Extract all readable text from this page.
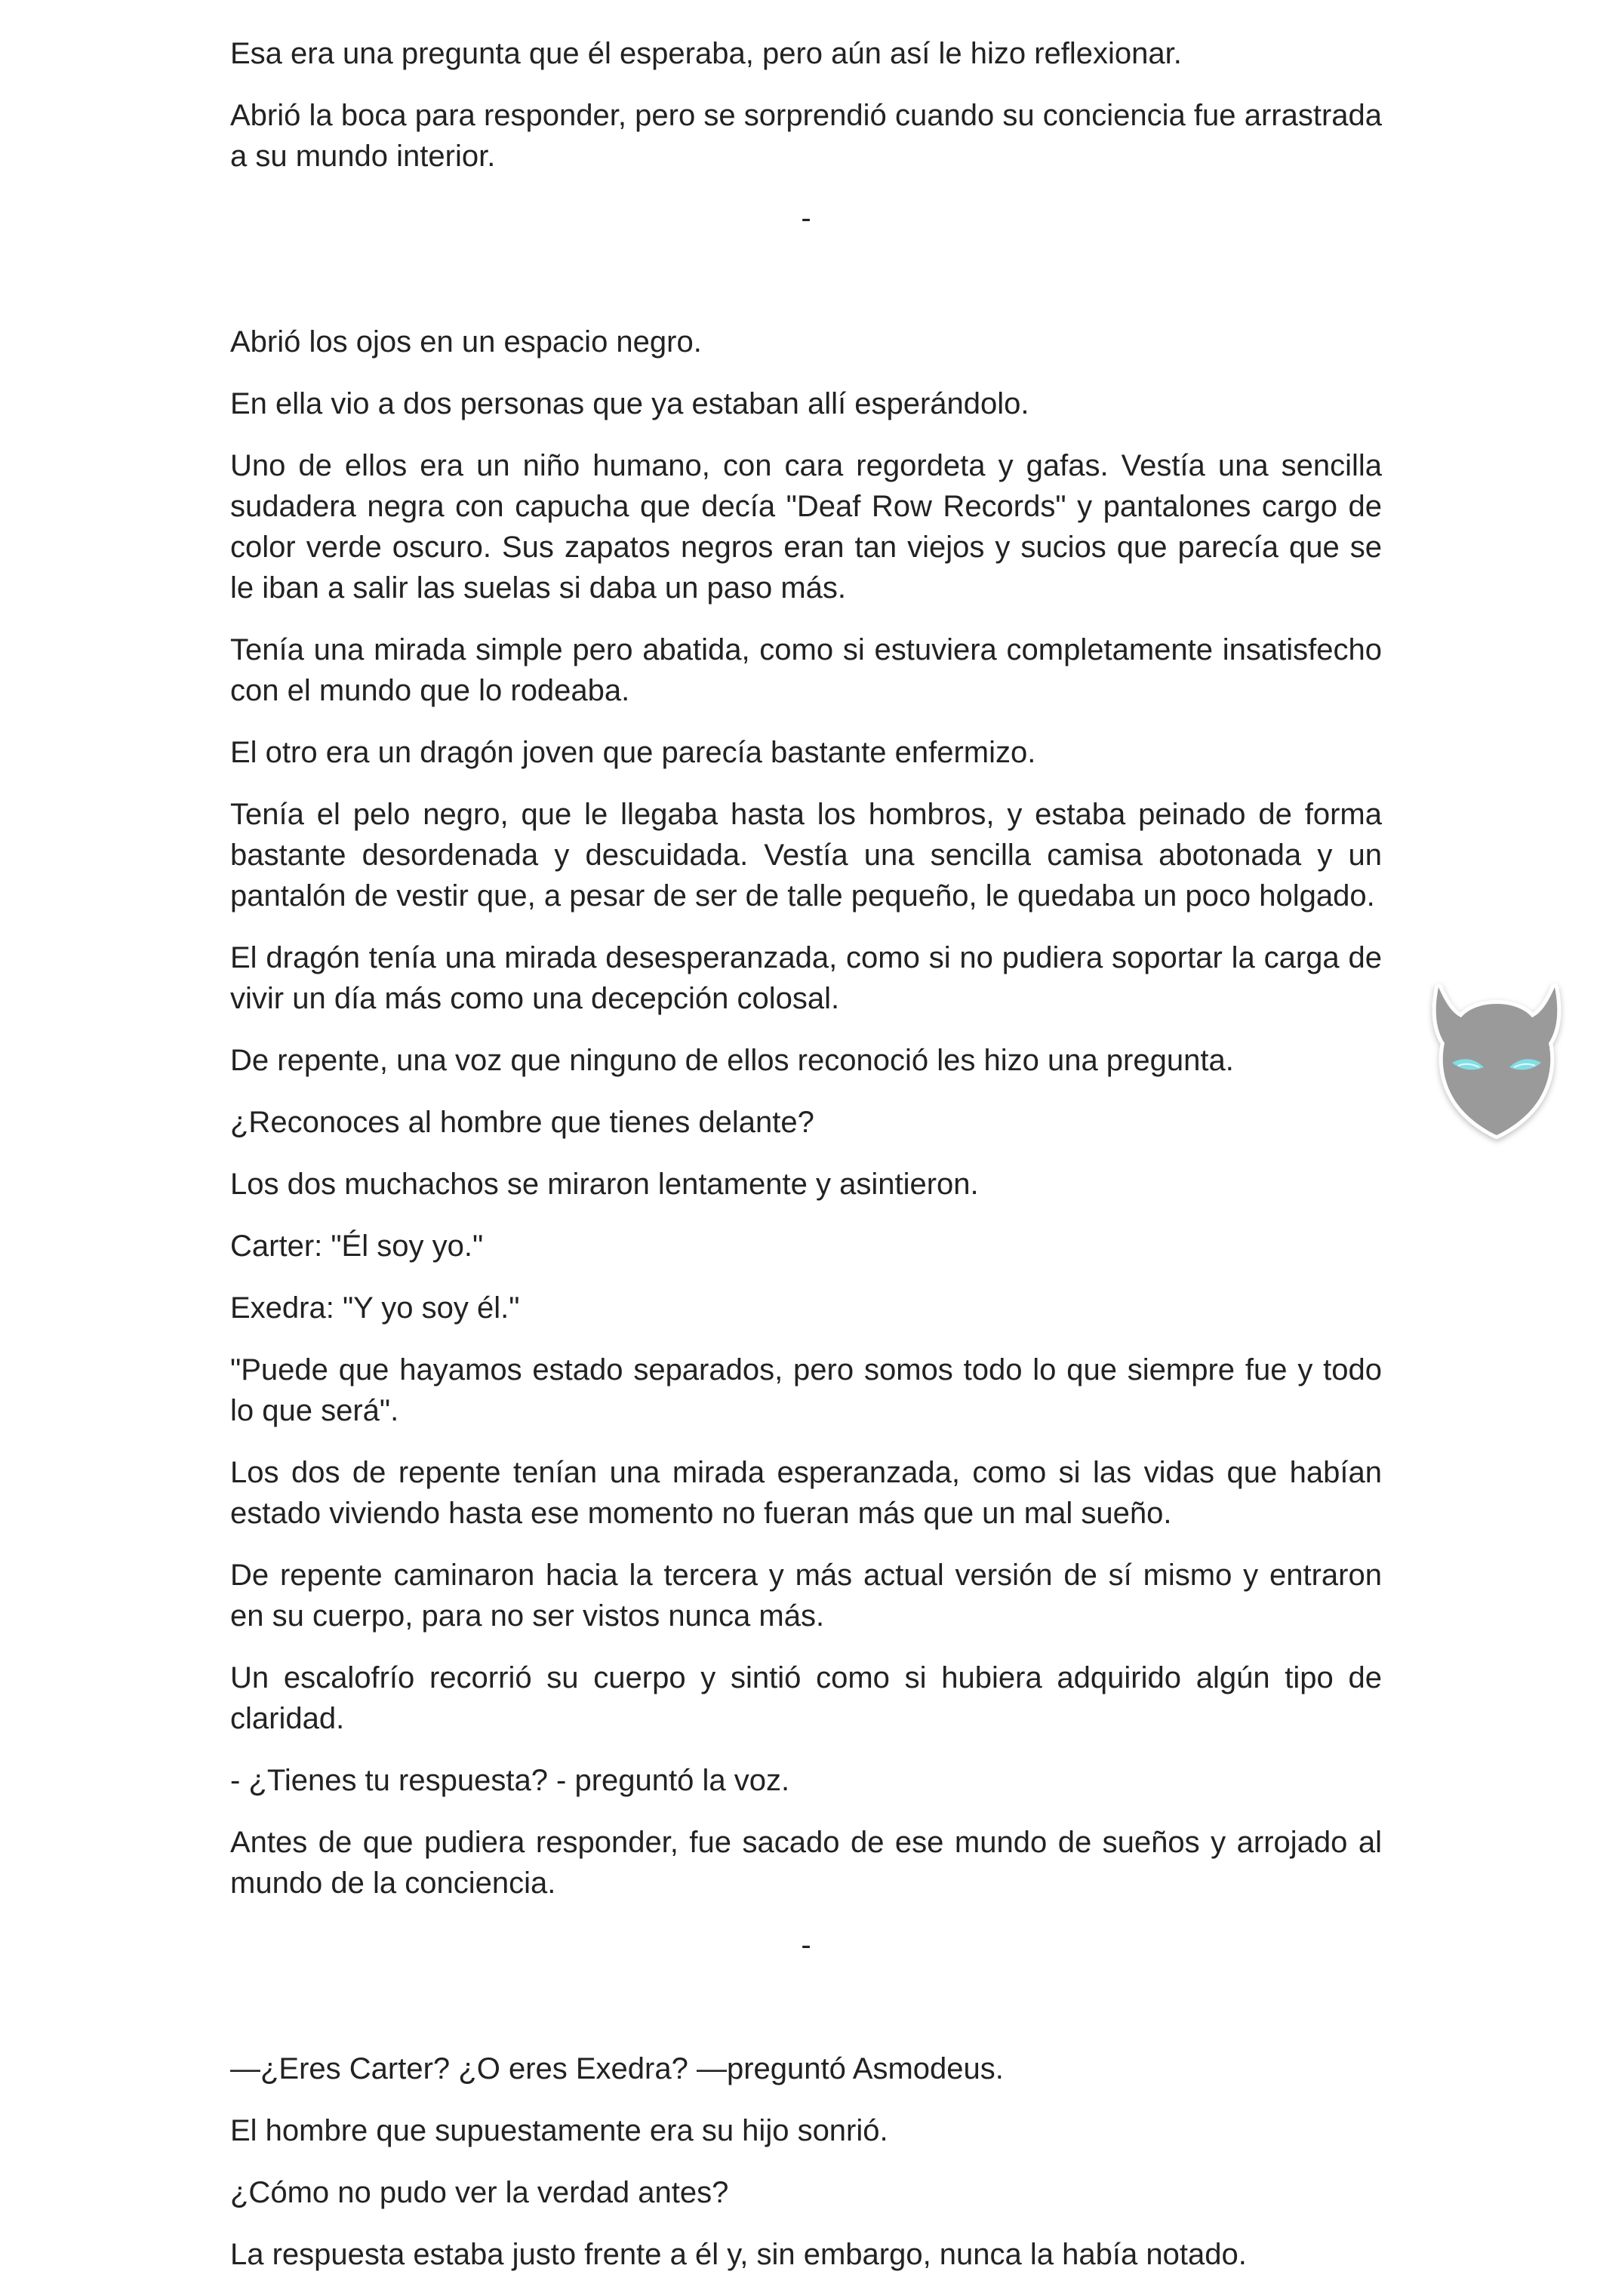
Esa era una pregunta que él esperaba, pero aún así le hizo reflexionar.

Abrió la boca para responder, pero se sorprendió cuando su conciencia fue arrastrada a su mundo interior.

-

Abrió los ojos en un espacio negro.

En ella vio a dos personas que ya estaban allí esperándolo.

Uno de ellos era un niño humano, con cara regordeta y gafas. Vestía una sencilla sudadera negra con capucha que decía "Deaf Row Records" y pantalones cargo de color verde oscuro. Sus zapatos negros eran tan viejos y sucios que parecía que se le iban a salir las suelas si daba un paso más.

Tenía una mirada simple pero abatida, como si estuviera completamente insatisfecho con el mundo que lo rodeaba.

El otro era un dragón joven que parecía bastante enfermizo.

Tenía el pelo negro, que le llegaba hasta los hombros, y estaba peinado de forma bastante desordenada y descuidada. Vestía una sencilla camisa abotonada y un pantalón de vestir que, a pesar de ser de talle pequeño, le quedaba un poco holgado.

El dragón tenía una mirada desesperanzada, como si no pudiera soportar la carga de vivir un día más como una decepción colosal.

De repente, una voz que ninguno de ellos reconoció les hizo una pregunta.

¿Reconoces al hombre que tienes delante?

Los dos muchachos se miraron lentamente y asintieron.

Carter: "Él soy yo."

Exedra: "Y yo soy él."

"Puede que hayamos estado separados, pero somos todo lo que siempre fue y todo lo que será".

Los dos de repente tenían una mirada esperanzada, como si las vidas que habían estado viviendo hasta ese momento no fueran más que un mal sueño.

De repente caminaron hacia la tercera y más actual versión de sí mismo y entraron en su cuerpo, para no ser vistos nunca más.

Un escalofrío recorrió su cuerpo y sintió como si hubiera adquirido algún tipo de claridad.

- ¿Tienes tu respuesta? - preguntó la voz.

Antes de que pudiera responder, fue sacado de ese mundo de sueños y arrojado al mundo de la conciencia.

-

—¿Eres Carter? ¿O eres Exedra? —preguntó Asmodeus.

El hombre que supuestamente era su hijo sonrió.

¿Cómo no pudo ver la verdad antes?

La respuesta estaba justo frente a él y, sin embargo, nunca la había notado.
